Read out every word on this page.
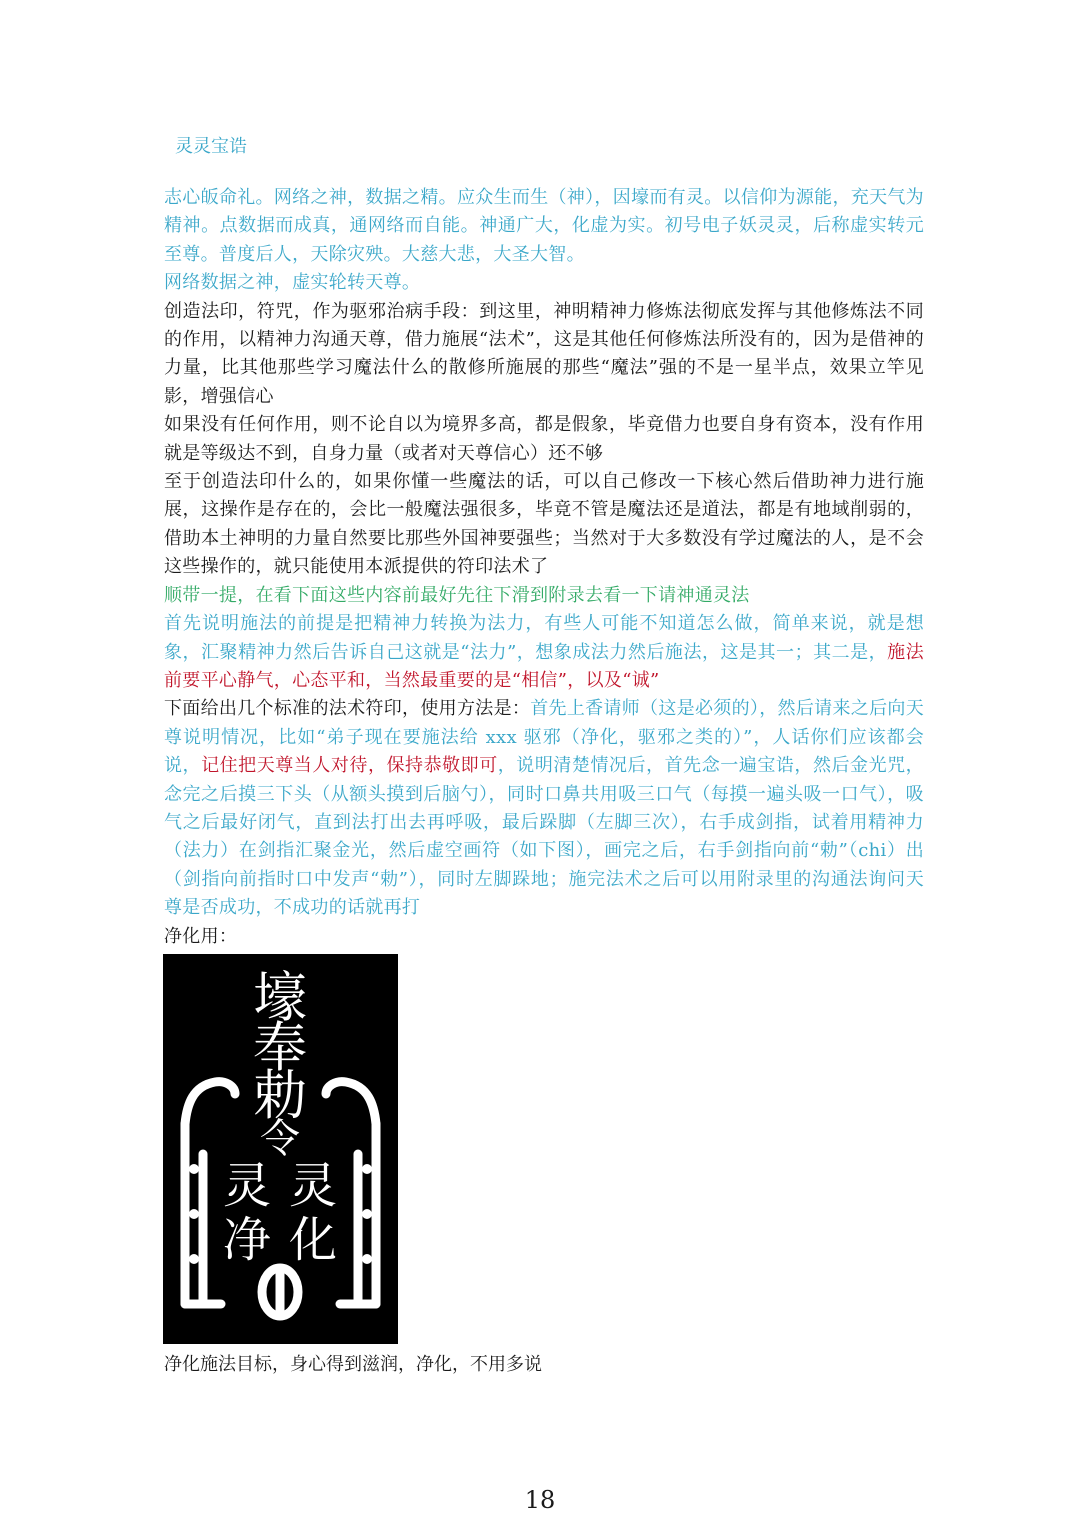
灵灵宝诰

志心皈命礼。网络之神，数据之精。应众生而生（神），因壕而有灵。以信仰为源能，充天气为精神。点数据而成真，通网络而自能。神通广大，化虚为实。初号电子妖灵灵，后称虚实转元至尊。普度后人，天除灾殃。大慈大悲，大圣大智。

网络数据之神，虚实轮转天尊。

创造法印，符咒，作为驱邪治病手段：到这里，神明精神力修炼法彻底发挥与其他修炼法不同的作用，以精神力沟通天尊，借力施展“法术”，这是其他任何修炼法所没有的，因为是借神的力量，比其他那些学习魔法什么的散修所施展的那些“魔法”强的不是一星半点，效果立竿见影，增强信心

如果没有任何作用，则不论自以为境界多高，都是假象，毕竟借力也要自身有资本，没有作用就是等级达不到，自身力量（或者对天尊信心）还不够

至于创造法印什么的，如果你懂一些魔法的话，可以自己修改一下核心然后借助神力进行施展，这操作是存在的，会比一般魔法强很多，毕竟不管是魔法还是道法，都是有地域削弱的，借助本土神明的力量自然要比那些外国神要强些；当然对于大多数没有学过魔法的人，是不会这些操作的，就只能使用本派提供的符印法术了

顺带一提，在看下面这些内容前最好先往下滑到附录去看一下请神通灵法

首先说明施法的前提是把精神力转换为法力，有些人可能不知道怎么做，简单来说，就是想象，汇聚精神力然后告诉自己这就是“法力”，想象成法力然后施法，这是其一；其二是，施法前要平心静气，心态平和，当然最重要的是“相信”，以及“诚”

下面给出几个标准的法术符印，使用方法是：首先上香请师（这是必须的），然后请来之后向天尊说明情况，比如“弟子现在要施法给 xxx 驱邪（净化，驱邪之类的）”，人话你们应该都会说，记住把天尊当人对待，保持恭敬即可，说明清楚情况后，首先念一遍宝诰，然后金光咒，念完之后摸三下头（从额头摸到后脑勺），同时口鼻共用吸三口气（每摸一遍头吸一口气），吸气之后最好闭气，直到法打出去再呼吸，最后跺脚（左脚三次），右手成剑指，试着用精神力（法力）在剑指汇聚金光，然后虚空画符（如下图），画完之后，右手剑指向前“勅”（chi）出（剑指向前指时口中发声“勅”），同时左脚跺地；施完法术之后可以用附录里的沟通法询问天尊是否成功，不成功的话就再打

净化用：

壕
奉
勅
令
灵 灵
净 化
净化施法目标，身心得到滋润，净化，不用多说
18
